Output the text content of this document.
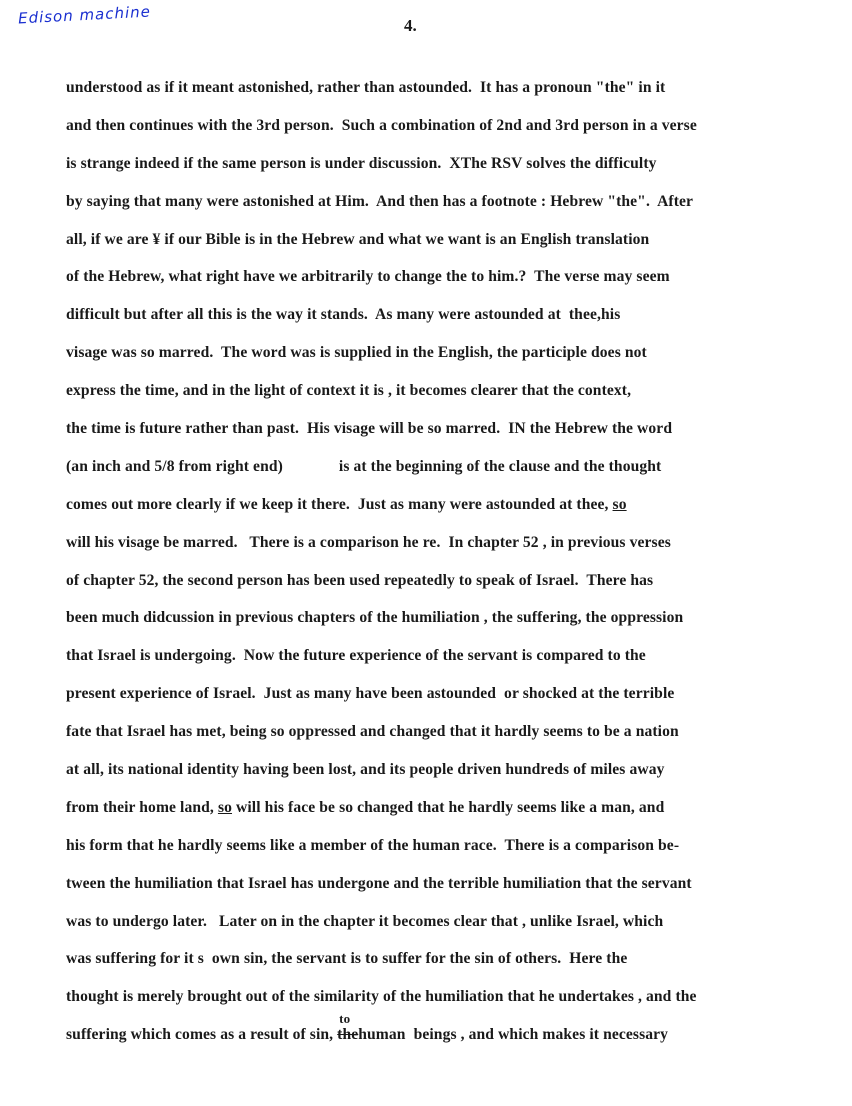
Edison machine	4.
understood as if it meant astonished, rather than astounded.  It has a pronoun "the" in it
and then continues with the 3rd person.  Such a combination of 2nd and 3rd person in a verse
is strange indeed if the same person is under discussion.  XThe RSV solves the difficulty
by saying that many were astonished at Him.  And then has a footnote : Hebrew "the".  After
all, if we are ¥ if our Bible is in the Hebrew and what we want is an English translation
of the Hebrew, what right have we arbitrarily to change the to him.?  The verse may seem
difficult but after all this is the way it stands.  As many were astounded at  thee,his
visage was so marred.  The word was is supplied in the English, the participle does not
express the time, and in the light of context it is , it becomes clearer that the context,
the time is future rather than past.  His visage will be so marred.  IN the Hebrew the word
(an inch and 5/8 from right end)              is at the beginning of the clause and the thought
comes out more clearly if we keep it there.  Just as many were astounded at thee, so
will his visage be marred.   There is a comparison he re.  In chapter 52 , in previous verses
of chapter 52, the second person has been used repeatedly to speak of Israel.  There has
been much didcussion in previous chapters of the humiliation , the suffering, the oppression
that Israel is undergoing.  Now the future experience of the servant is compared to the
present experience of Israel.  Just as many have been astounded  or shocked at the terrible
fate that Israel has met, being so oppressed and changed that it hardly seems to be a nation
at all, its national identity having been lost, and its people driven hundreds of miles away
from their home land, so will his face be so changed that he hardly seems like a man, and
his form that he hardly seems like a member of the human race.  There is a comparison be-
tween the humiliation that Israel has undergone and the terrible humiliation that the servant
was to undergo later.   Later on in the chapter it becomes clear that , unlike Israel, which
was suffering for it s  own sin, the servant is to suffer for the sin of others.  Here the
thought is merely brought out of the similarity of the humiliation that he undertakes , and the
suffering which comes as a result of sin, the
to
human  beings , and which makes it necessary
